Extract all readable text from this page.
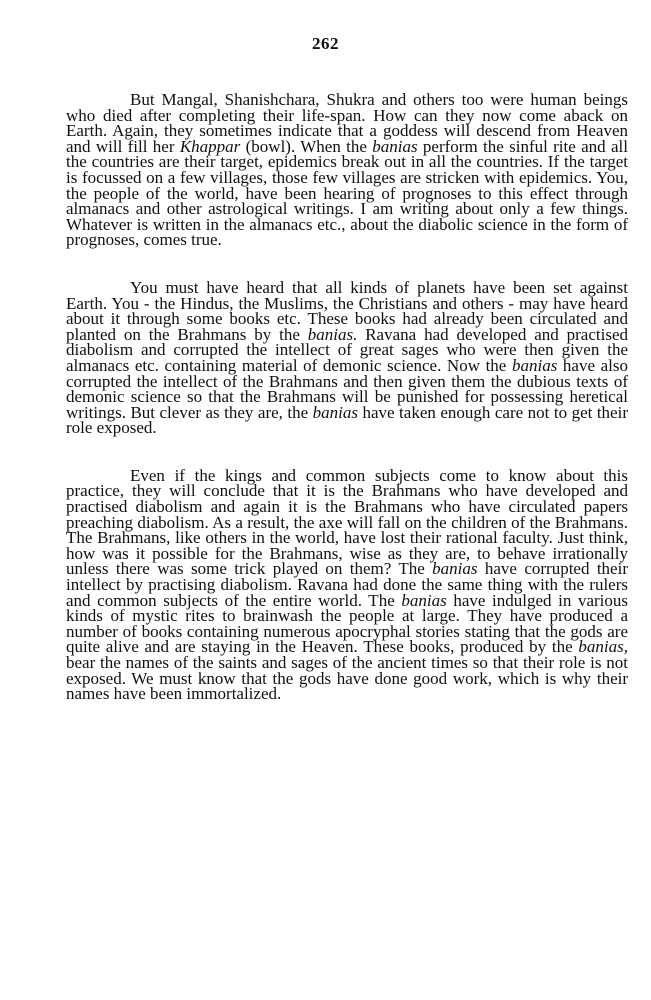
262

But Mangal, Shanishchara, Shukra and others too were human beings who died after completing their life-span. How can they now come aback on Earth. Again, they sometimes indicate that a goddess will descend from Heaven and will fill her Khappar (bowl). When the banias perform the sinful rite and all the countries are their target, epidemics break out in all the countries. If the target is focussed on a few villages, those few villages are stricken with epidemics. You, the people of the world, have been hearing of prognoses to this effect through almanacs and other astrological writings. I am writing about only a few things. Whatever is written in the almanacs etc., about the diabolic science in the form of prognoses, comes true.

You must have heard that all kinds of planets have been set against Earth. You - the Hindus, the Muslims, the Christians and others - may have heard about it through some books etc. These books had already been circulated and planted on the Brahmans by the banias. Ravana had developed and practised diabolism and corrupted the intellect of great sages who were then given the almanacs etc. containing material of demonic science. Now the banias have also corrupted the intellect of the Brahmans and then given them the dubious texts of demonic science so that the Brahmans will be punished for possessing heretical writings. But clever as they are, the banias have taken enough care not to get their role exposed.

Even if the kings and common subjects come to know about this practice, they will conclude that it is the Brahmans who have developed and practised diabolism and again it is the Brahmans who have circulated papers preaching diabolism. As a result, the axe will fall on the children of the Brahmans. The Brahmans, like others in the world, have lost their rational faculty. Just think, how was it possible for the Brahmans, wise as they are, to behave irrationally unless there was some trick played on them? The banias have corrupted their intellect by practising diabolism. Ravana had done the same thing with the rulers and common subjects of the entire world. The banias have indulged in various kinds of mystic rites to brainwash the people at large. They have produced a number of books containing numerous apocryphal stories stating that the gods are quite alive and are staying in the Heaven. These books, produced by the banias, bear the names of the saints and sages of the ancient times so that their role is not exposed. We must know that the gods have done good work, which is why their names have been immortalized.
